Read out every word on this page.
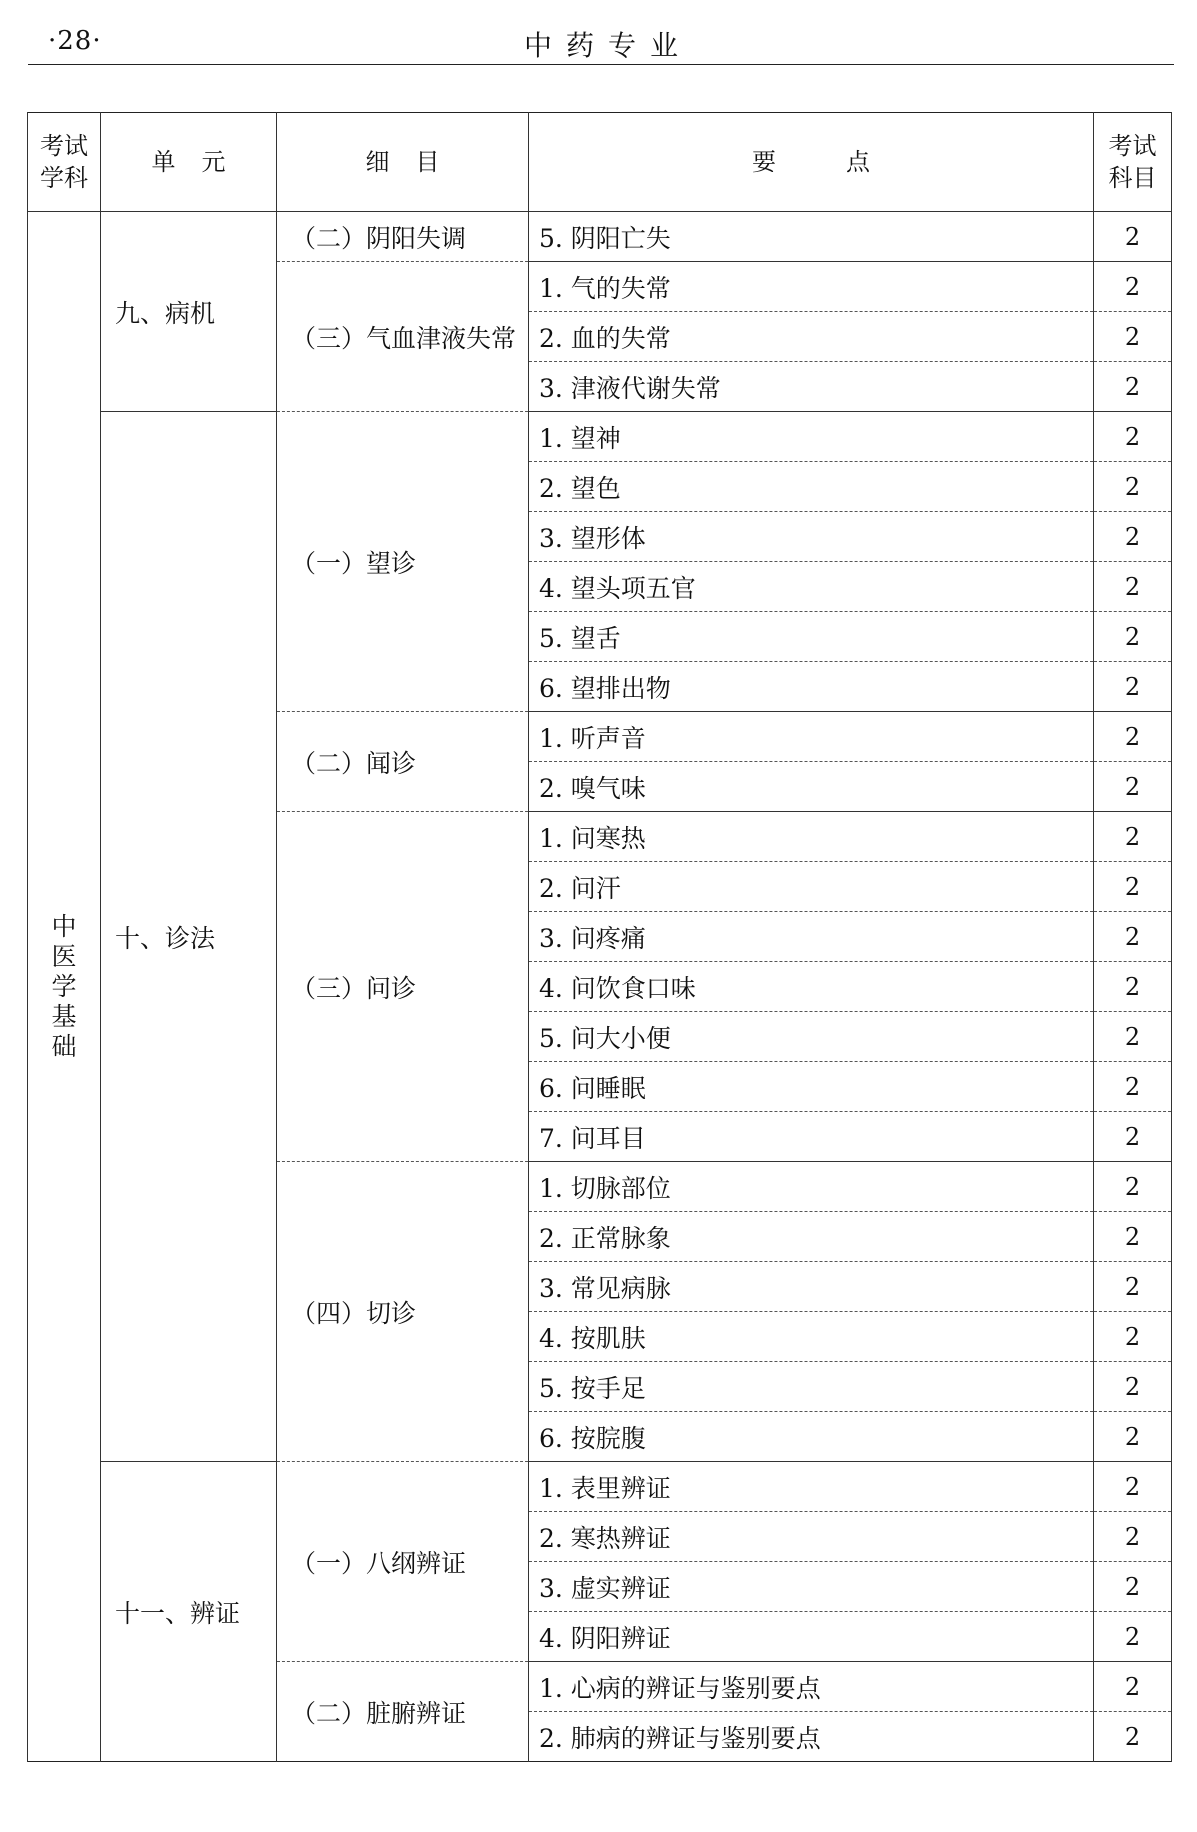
·28·	中药专业
考试学科	单元	细目	要点	考试科目
中医学基础	九、病机	（二）阴阳失调	5. 阴阳亡失	2
		（三）气血津液失常	1. 气的失常	2
			2. 血的失常	2
			3. 津液代谢失常	2
	十、诊法	（一）望诊	1. 望神	2
			2. 望色	2
			3. 望形体	2
			4. 望头项五官	2
			5. 望舌	2
			6. 望排出物	2
		（二）闻诊	1. 听声音	2
			2. 嗅气味	2
		（三）问诊	1. 问寒热	2
			2. 问汗	2
			3. 问疼痛	2
			4. 问饮食口味	2
			5. 问大小便	2
			6. 问睡眠	2
			7. 问耳目	2
		（四）切诊	1. 切脉部位	2
			2. 正常脉象	2
			3. 常见病脉	2
			4. 按肌肤	2
			5. 按手足	2
			6. 按脘腹	2
	十一、辨证	（一）八纲辨证	1. 表里辨证	2
			2. 寒热辨证	2
			3. 虚实辨证	2
			4. 阴阳辨证	2
		（二）脏腑辨证	1. 心病的辨证与鉴别要点	2
			2. 肺病的辨证与鉴别要点	2
